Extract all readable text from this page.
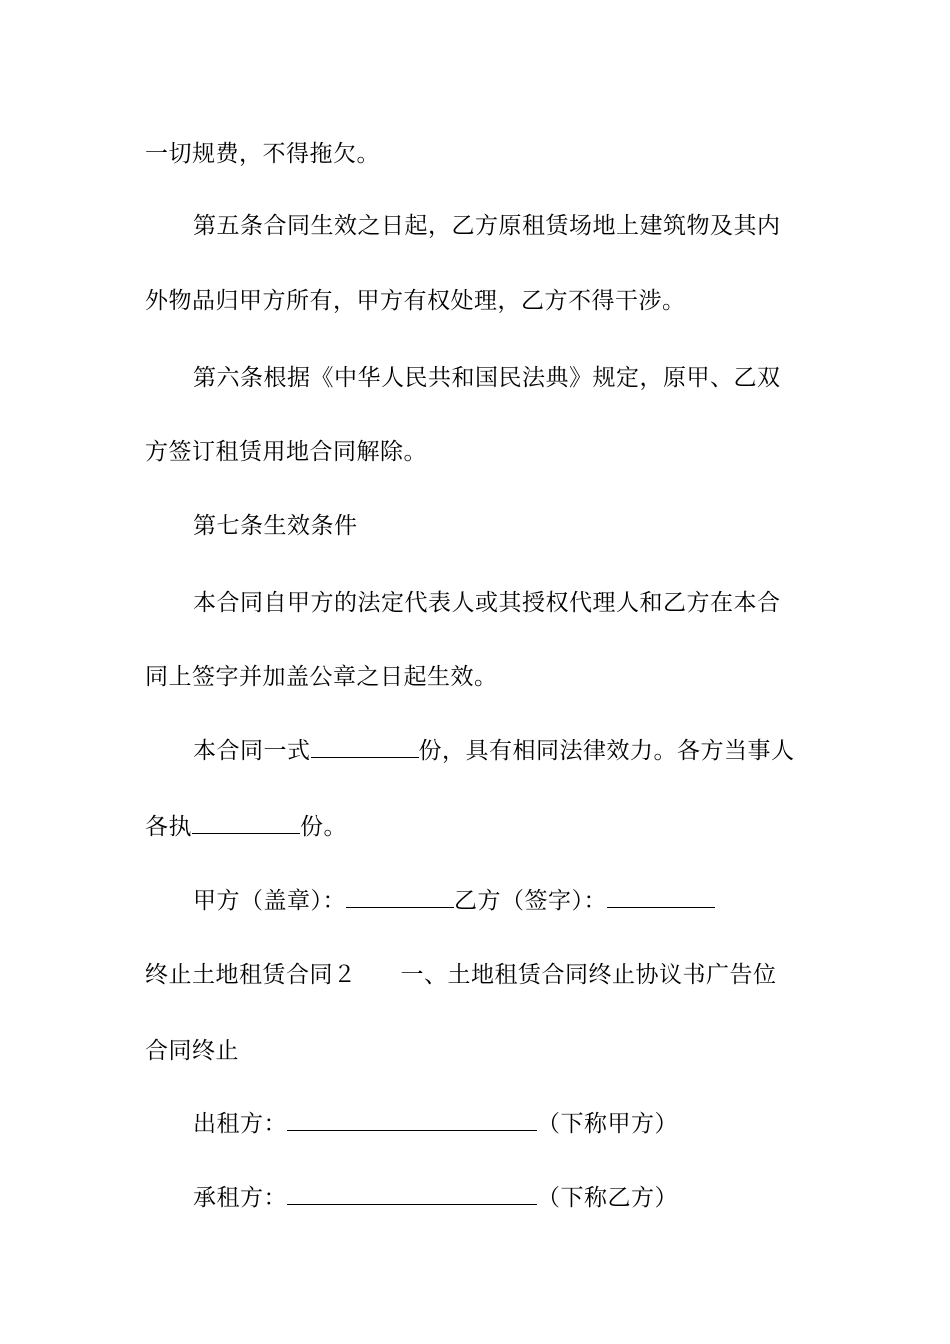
一切规费，不得拖欠。
第五条合同生效之日起，乙方原租赁场地上建筑物及其内
外物品归甲方所有，甲方有权处理，乙方不得干涉。
第六条根据《中华人民共和国民法典》规定，原甲、乙双
方签订租赁用地合同解除。
第七条生效条件
本合同自甲方的法定代表人或其授权代理人和乙方在本合
同上签字并加盖公章之日起生效。
本合同一式	份，具有相同法律效力。各方当事人
各执	份。
甲方（盖章）：	乙方（签字）：
终止土地租赁合同２ 一、土地租赁合同终止协议书广告位
合同终止
出租方：	（下称甲方）
承租方：	（下称乙方）
